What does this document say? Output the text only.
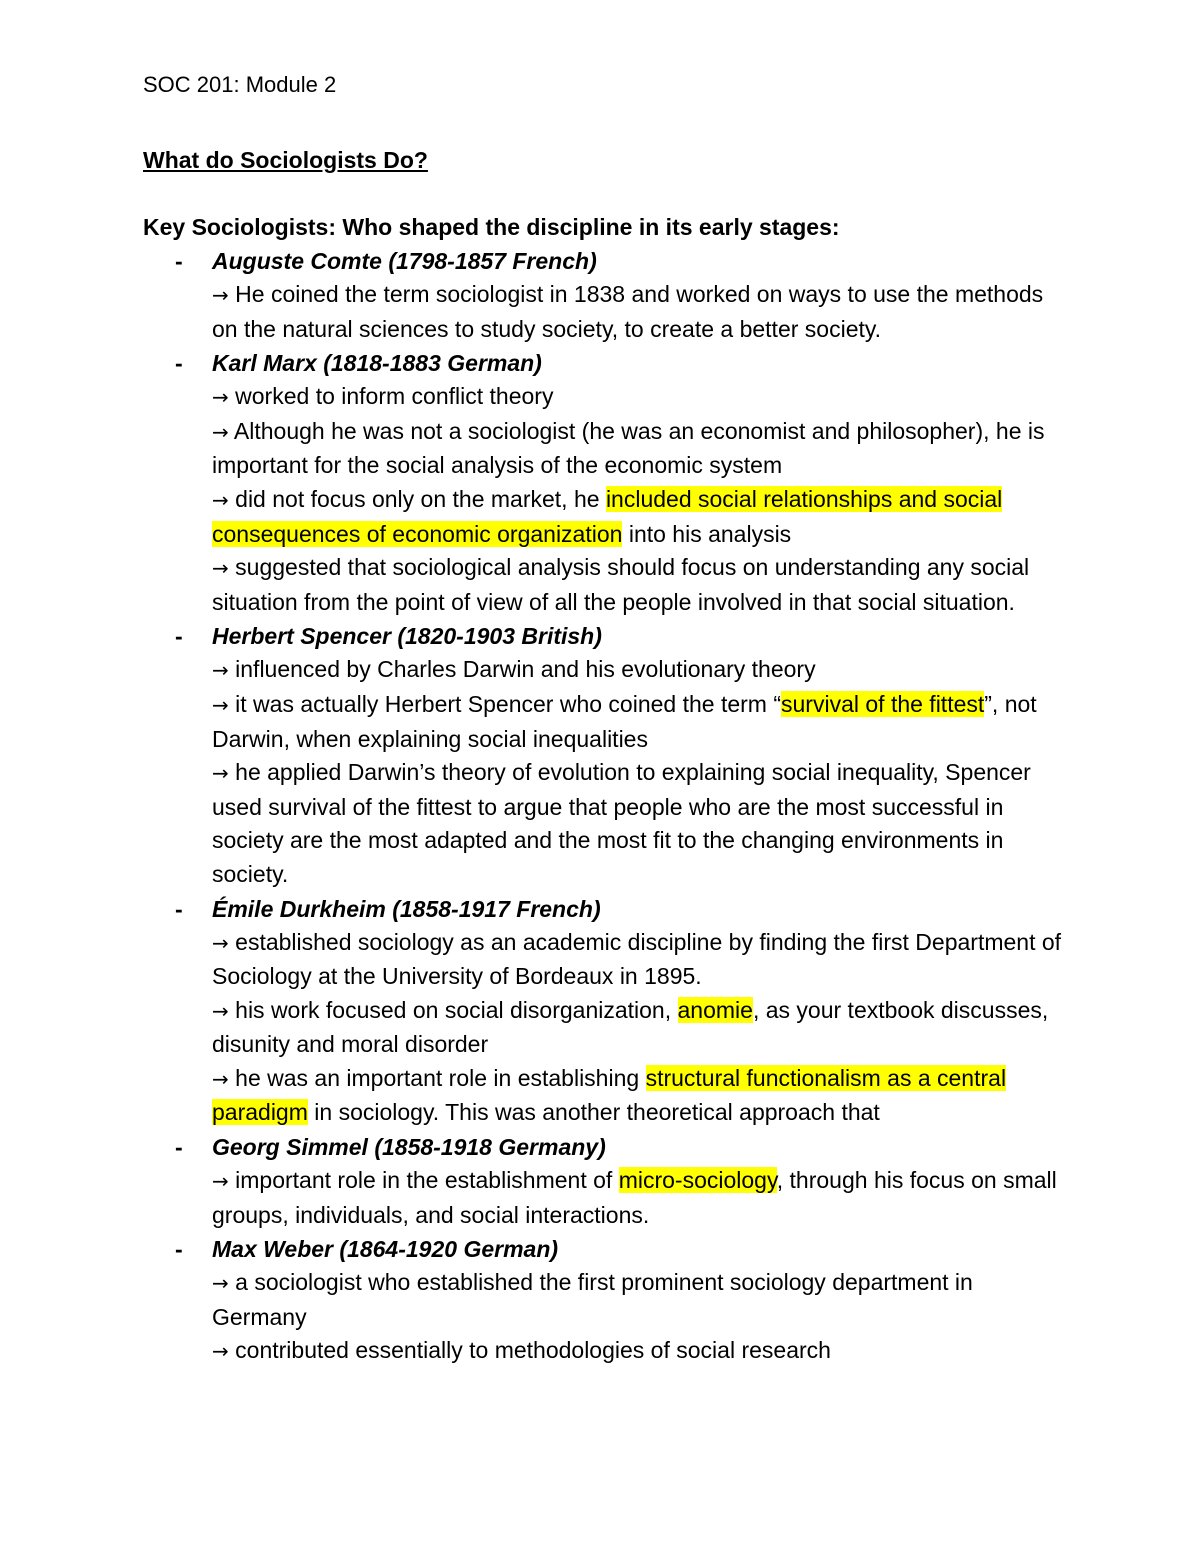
SOC 201: Module 2
What do Sociologists Do?
Key Sociologists: Who shaped the discipline in its early stages:
- Auguste Comte (1798-1857 French)
→ He coined the term sociologist in 1838 and worked on ways to use the methods on the natural sciences to study society, to create a better society.
- Karl Marx (1818-1883 German)
→ worked to inform conflict theory
→ Although he was not a sociologist (he was an economist and philosopher), he is important for the social analysis of the economic system
→ did not focus only on the market, he included social relationships and social consequences of economic organization into his analysis
→ suggested that sociological analysis should focus on understanding any social situation from the point of view of all the people involved in that social situation.
- Herbert Spencer (1820-1903 British)
→ influenced by Charles Darwin and his evolutionary theory
→ it was actually Herbert Spencer who coined the term “survival of the fittest”, not Darwin, when explaining social inequalities
→ he applied Darwin’s theory of evolution to explaining social inequality, Spencer used survival of the fittest to argue that people who are the most successful in society are the most adapted and the most fit to the changing environments in society.
- Émile Durkheim (1858-1917 French)
→ established sociology as an academic discipline by finding the first Department of Sociology at the University of Bordeaux in 1895.
→ his work focused on social disorganization, anomie, as your textbook discusses, disunity and moral disorder
→ he was an important role in establishing structural functionalism as a central paradigm in sociology. This was another theoretical approach that
- Georg Simmel (1858-1918 Germany)
→ important role in the establishment of micro-sociology, through his focus on small groups, individuals, and social interactions.
- Max Weber (1864-1920 German)
→ a sociologist who established the first prominent sociology department in Germany
→ contributed essentially to methodologies of social research
